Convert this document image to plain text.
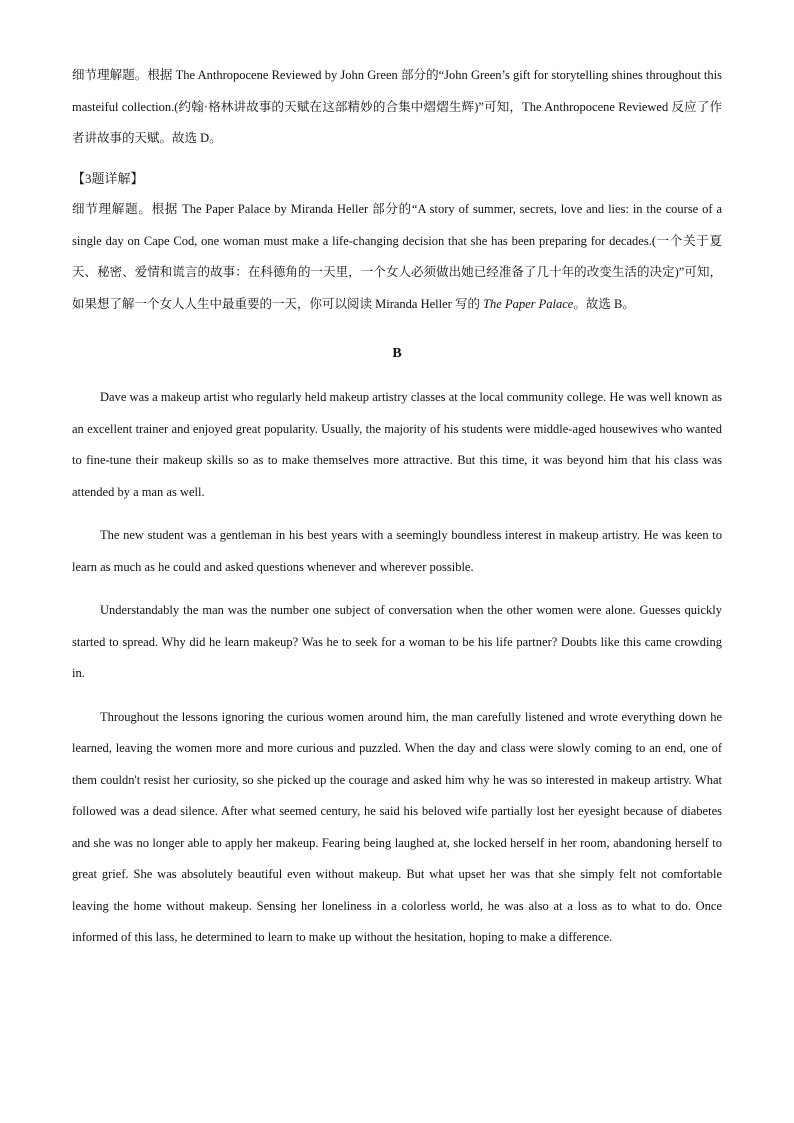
细节理解题。根据 The Anthropocene Reviewed by John Green 部分的“John Green’s gift for storytelling shines throughout this masteiful collection.(约翰·格林讲故事的天赋在这部精妙的合集中熠熠生辉)”可知，The Anthropocene Reviewed 反应了作者讲故事的天赋。故选 D。

【3题详解】

细节理解题。根据 The Paper Palace by Miranda Heller 部分的“A story of summer, secrets, love and lies: in the course of a single day on Cape Cod, one woman must make a life-changing decision that she has been preparing for decades.(一个关于夏天、秘密、爱情和谎言的故事：在科德角的一天里，一个女人必须做出她已经准备了几十年的改变生活的决定)”可知，如果想了解一个女人人生中最重要的一天，你可以阅读 Miranda Heller 写的 The Paper Palace。故选 B。

B

Dave was a makeup artist who regularly held makeup artistry classes at the local community college. He was well known as an excellent trainer and enjoyed great popularity. Usually, the majority of his students were middle-aged housewives who wanted to fine-tune their makeup skills so as to make themselves more attractive. But this time, it was beyond him that his class was attended by a man as well.

The new student was a gentleman in his best years with a seemingly boundless interest in makeup artistry. He was keen to learn as much as he could and asked questions whenever and wherever possible.

Understandably the man was the number one subject of conversation when the other women were alone. Guesses quickly started to spread. Why did he learn makeup? Was he to seek for a woman to be his life partner? Doubts like this came crowding in.

Throughout the lessons ignoring the curious women around him, the man carefully listened and wrote everything down he learned, leaving the women more and more curious and puzzled. When the day and class were slowly coming to an end, one of them couldn't resist her curiosity, so she picked up the courage and asked him why he was so interested in makeup artistry. What followed was a dead silence. After what seemed century, he said his beloved wife partially lost her eyesight because of diabetes and she was no longer able to apply her makeup. Fearing being laughed at, she locked herself in her room, abandoning herself to great grief. She was absolutely beautiful even without makeup. But what upset her was that she simply felt not comfortable leaving the home without makeup. Sensing her loneliness in a colorless world, he was also at a loss as to what to do. Once informed of this lass, he determined to learn to make up without the hesitation, hoping to make a difference.
